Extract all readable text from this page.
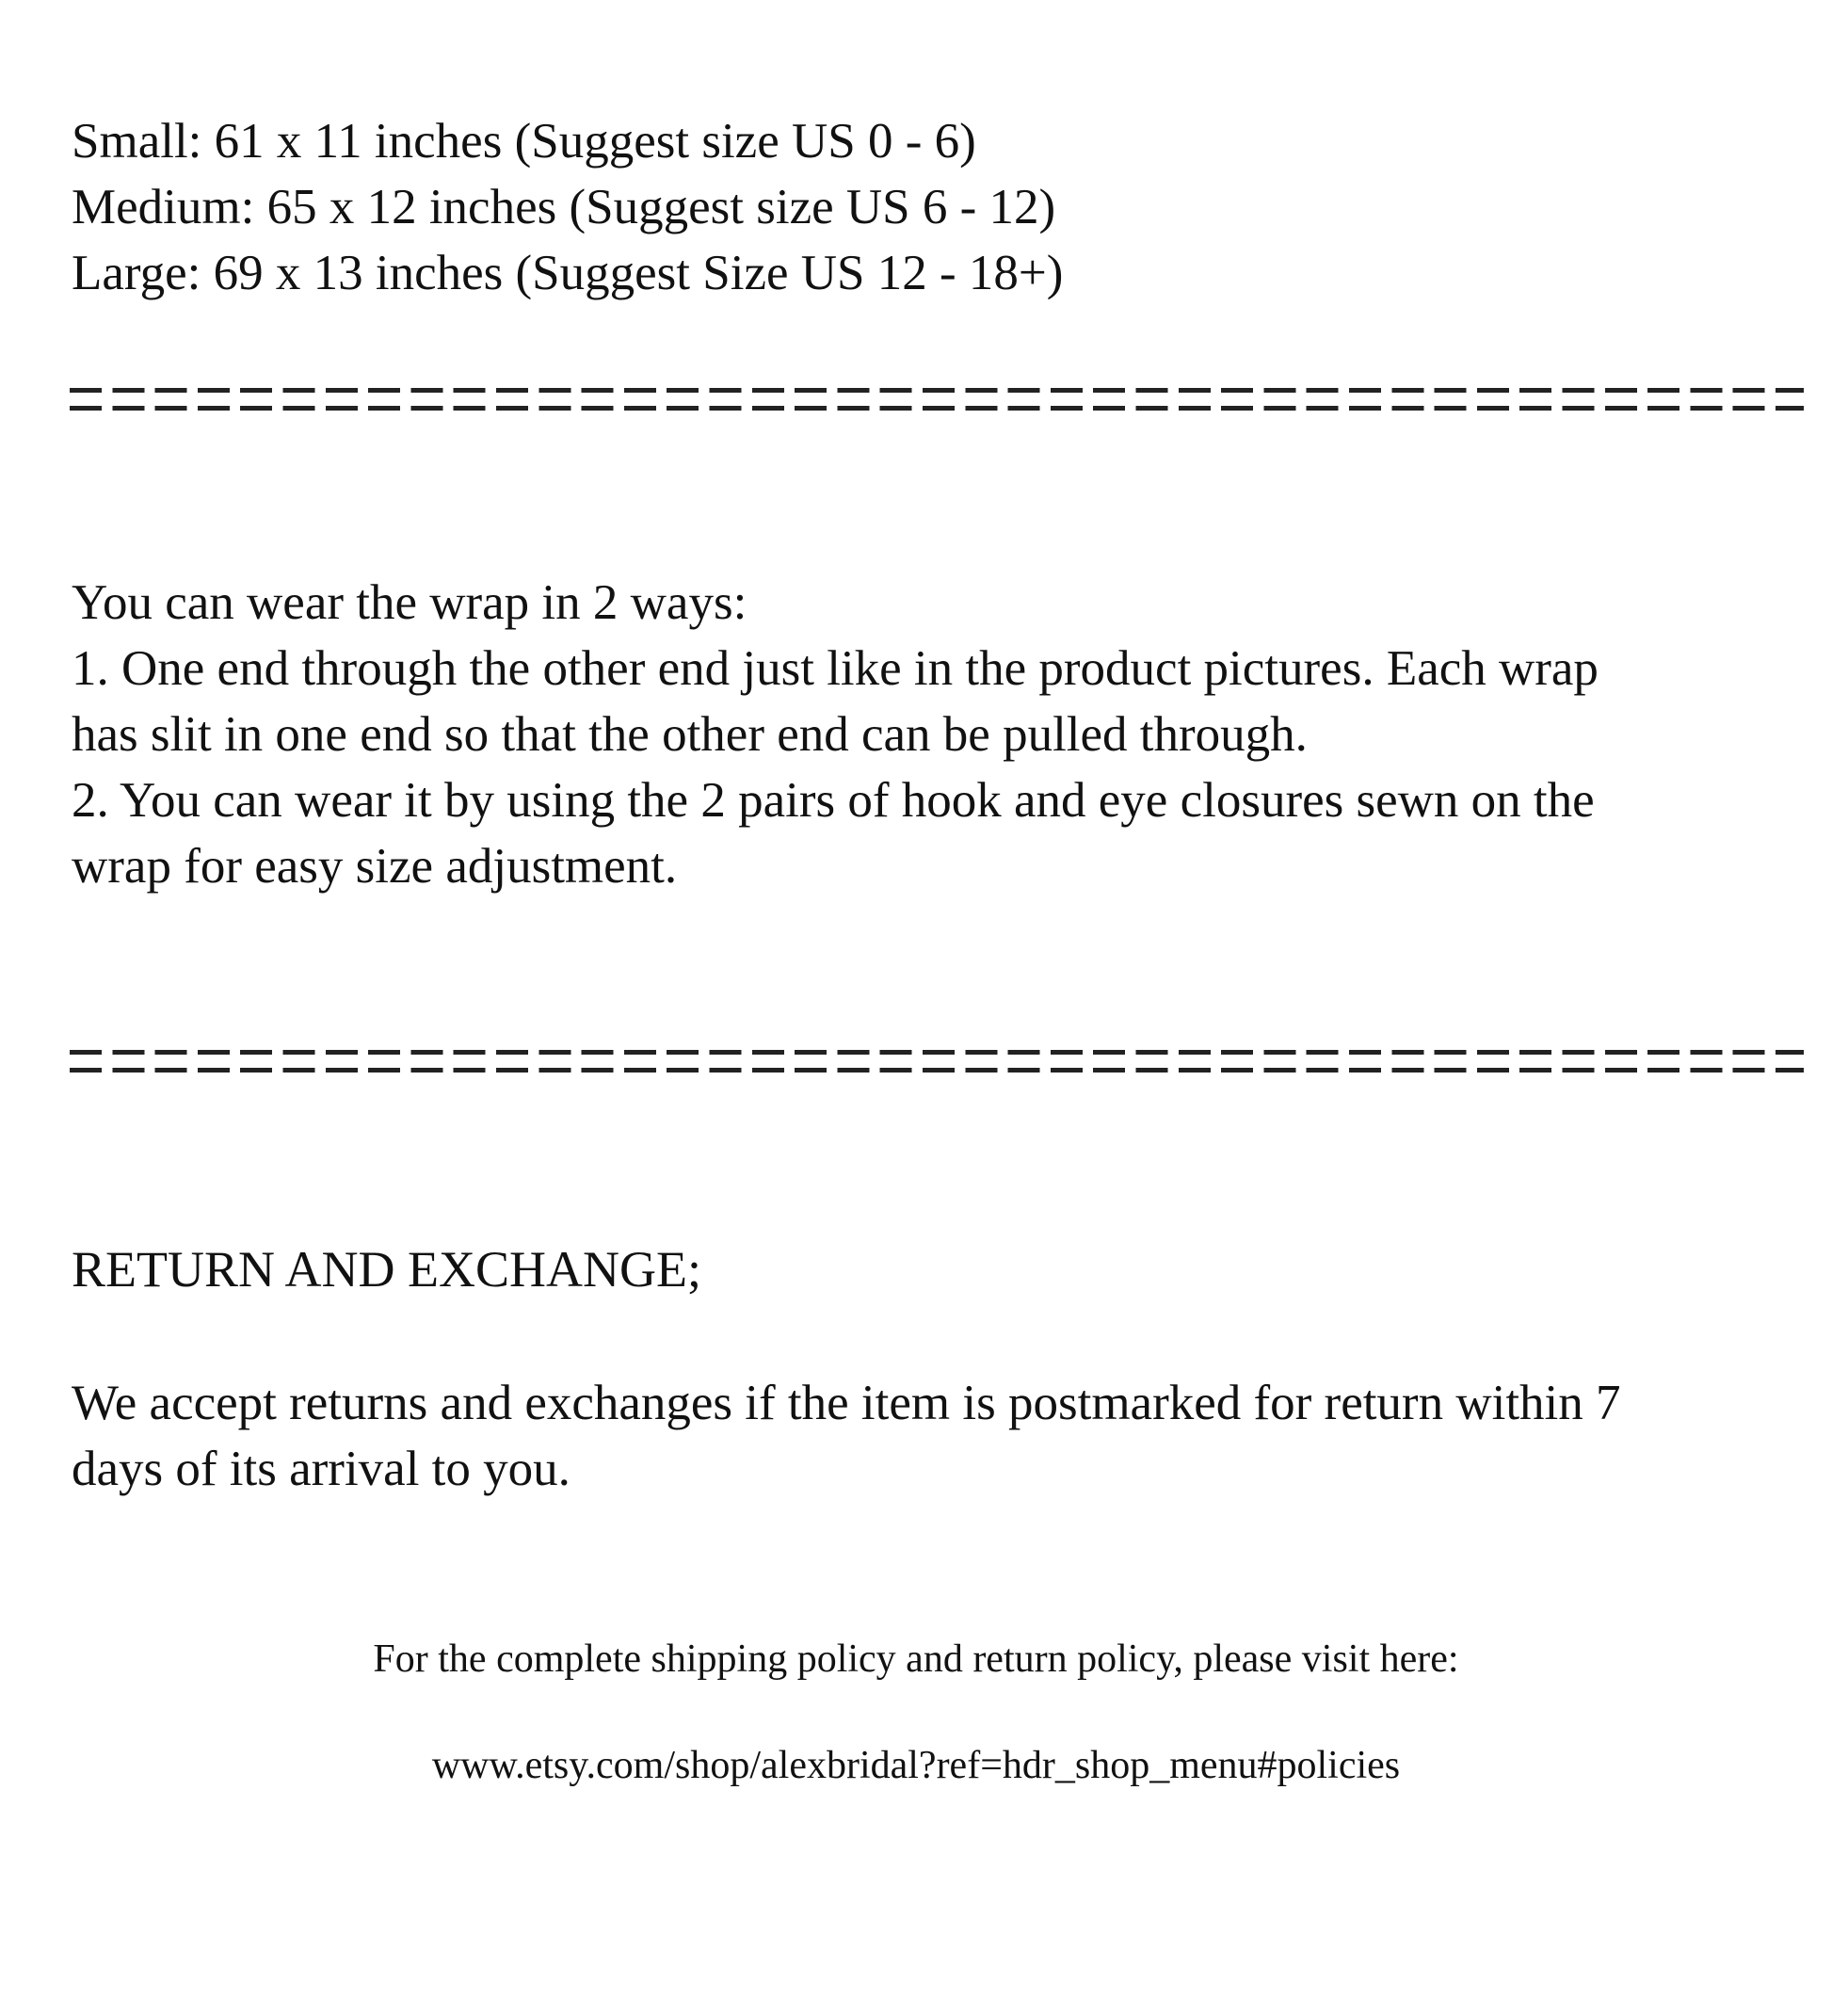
Small: 61 x 11 inches (Suggest size US 0 - 6)
Medium: 65 x 12 inches (Suggest size US 6 - 12)
Large: 69 x 13 inches (Suggest Size US 12 - 18+)
You can wear the wrap in 2 ways:
1. One end through the other end just like in the product pictures. Each wrap
has slit in one end so that the other end can be pulled through.
2. You can wear it by using the 2 pairs of hook and eye closures sewn on the
wrap for easy size adjustment.
RETURN AND EXCHANGE;
We accept returns and exchanges if the item is postmarked for return within 7
days of its arrival to you.
For the complete shipping policy and return policy, please visit here:
www.etsy.com/shop/alexbridal?ref=hdr_shop_menu#policies
